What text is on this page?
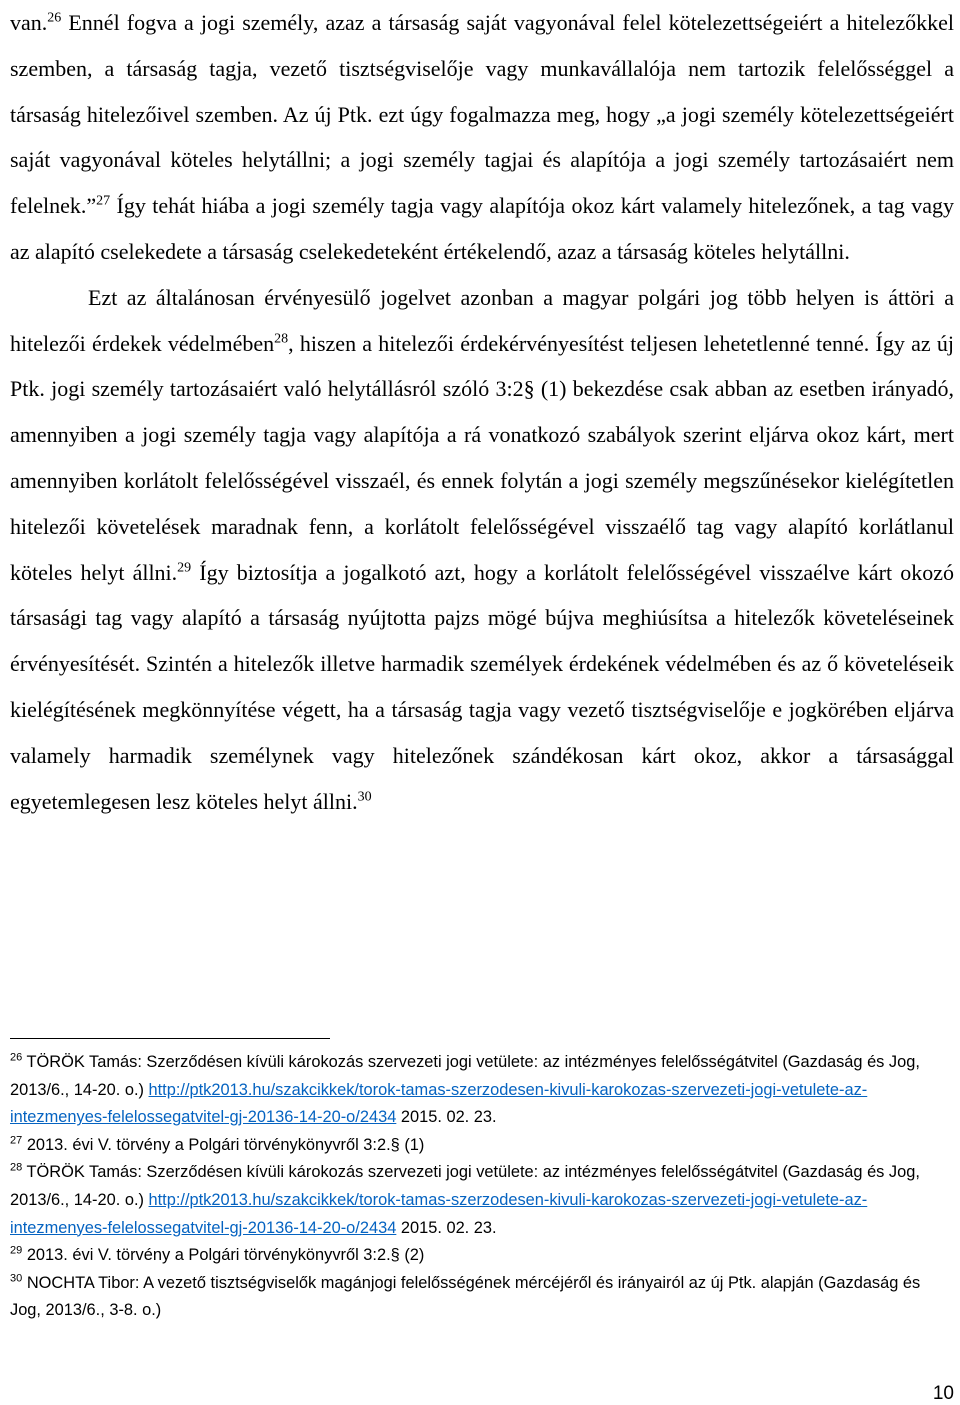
van.$^{26}$ Ennél fogva a jogi személy, azaz a társaság saját vagyonával felel kötelezettségeiért a hitelezőkkel szemben, a társaság tagja, vezető tisztségviselője vagy munkavállalója nem tartozik felelősséggel a társaság hitelezőivel szemben. Az új Ptk. ezt úgy fogalmazza meg, hogy „a jogi személy kötelezettségeiért saját vagyonával köteles helytállni; a jogi személy tagjai és alapítója a jogi személy tartozásaiért nem felelnek.”$^{27}$ Így tehát hiába a jogi személy tagja vagy alapítója okoz kárt valamely hitelezőnek, a tag vagy az alapító cselekedete a társaság cselekedeteként értékelendő, azaz a társaság köteles helytállni.

Ezt az általánosan érvényesülő jogelvet azonban a magyar polgári jog több helyen is áttöri a hitelezői érdekek védelmében$^{28}$, hiszen a hitelezői érdekérvényesítést teljesen lehetetlenné tenné. Így az új Ptk. jogi személy tartozásaiért való helytállásról szóló 3:2§ (1) bekezdése csak abban az esetben irányadó, amennyiben a jogi személy tagja vagy alapítója a rá vonatkozó szabályok szerint eljárva okoz kárt, mert amennyiben korlátolt felelősségével visszaél, és ennek folytán a jogi személy megszűnésekor kielégítetlen hitelezői követelések maradnak fenn, a korlátolt felelősségével visszaélő tag vagy alapító korlátlanul köteles helyt állni.$^{29}$ Így biztosítja a jogalkotó azt, hogy a korlátolt felelősségével visszaélve kárt okozó társasági tag vagy alapító a társaság nyújtotta pajzs mögé bújva meghiúsítsa a hitelezők követeléseinek érvényesítését. Szintén a hitelezők illetve harmadik személyek érdekének védelmében és az ő követeléseik kielégítésének megkönnyítése végett, ha a társaság tagja vagy vezető tisztségviselője e jogkörében eljárva valamely harmadik személynek vagy hitelezőnek szándékosan kárt okoz, akkor a társasággal egyetemlegesen lesz köteles helyt állni.$^{30}$

$^{26}$ TÖRÖK Tamás: Szerződésen kívüli károkozás szervezeti jogi vetülete: az intézményes felelősségátvitel (Gazdaság és Jog, 2013/6., 14-20. o.) http://ptk2013.hu/szakcikkek/torok-tamas-szerzodesen-kivuli-karokozas-szervezeti-jogi-vetulete-az-intezmenyes-felelossegatvitel-gj-20136-14-20-o/2434 2015. 02. 23.

$^{27}$ 2013. évi V. törvény a Polgári törvénykönyvről 3:2.§ (1)

$^{28}$ TÖRÖK Tamás: Szerződésen kívüli károkozás szervezeti jogi vetülete: az intézményes felelősségátvitel (Gazdaság és Jog, 2013/6., 14-20. o.) http://ptk2013.hu/szakcikkek/torok-tamas-szerzodesen-kivuli-karokozas-szervezeti-jogi-vetulete-az-intezmenyes-felelossegatvitel-gj-20136-14-20-o/2434 2015. 02. 23.

$^{29}$ 2013. évi V. törvény a Polgári törvénykönyvről 3:2.§ (2)

$^{30}$ NOCHTA Tibor: A vezető tisztségviselők magánjogi felelősségének mércéjéről és irányairól az új Ptk. alapján (Gazdaság és Jog, 2013/6., 3-8. o.)

10
